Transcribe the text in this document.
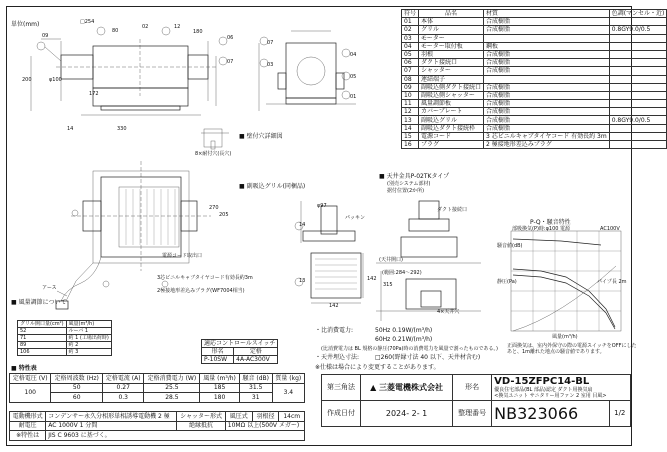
単位(mm)	□254
80
09
02	12
180
06
07
200	φ100
172
330
14
07
03
04
05
01
■ 壁付穴詳細図
8×耐付穴(長穴)
電源コード取出口
3芯ビニルキャブタイヤコード有効長約3m
2極接地形差込みプラグ(WF7004相当)
アース
270
205
■ 副吸込グリル(同梱品)
φ97
パッキン
14
13	142
142
■ 天井金具P-02TKタイプ
(別売システム部材)
据付位置(2か所)
ダクト接続口
(範囲:284～292)
(天井開口)
315
4×天井穴
符号	品名	材質	色調(マンセル・近)
01	本体	合成樹脂	
02	グリル	合成樹脂	0.8GY9.0/0.5
03	モーター		
04	モーター取付板	鋼板	
05	羽根	合成樹脂	
06	ダクト接続口	合成樹脂	
07	シャッター	合成樹脂	
08	連結端子		
09	副吸込側ダクト接続口	合成樹脂	
10	副吸込側シャッター	合成樹脂	
11	風量調節板	合成樹脂	
12	カバープレート	合成樹脂	
13	副吸込グリル	合成樹脂	0.8GY9.0/0.5
14	副吸込ダクト接続枠	合成樹脂	
15	電源コード	3 芯ビニルキャブタイヤコード 有効長約 3m	
16	プラグ	2 極接地形差込みプラグ	
P-Q・騒音特性
部吸換気(P)時:φ100 電源	AC100V
騒音値(dB)
静圧(Pa)	パイプ長 2m
風量(m³/h)
正面換気は、室内外保守の際の電源スイッチをOFFにしたあと、1m離れた地点の騒音値であります。
■ 風量調節について
グリル開口量(cm²)	風量(m³/h)
52	ルーバ 1
71	約 1 (工場出荷時)
89	約 2
106	約 3
適応コントロールスイッチ	
形名	定格
P-10SW	4A-AC300V
・比消費電力:	50Hz 0.19W/(m³/h)
60Hz 0.21W/(m³/h)
(比消費電力は BL 規格の静圧(70Pa)時の消費電力を風量で割ったものである。)
・天井埋込寸法:	□260(野縁寸法 40 以下、天井材含む)
※仕様は場合により変更することがあります。
■ 特性表
定格電圧 (V)	定格周波数 (Hz)	定格電流 (A)	定格消費電力 (W)	風量 (m³/h)	騒音 (dB)	質量 (kg)
100	50	0.27	25.5	185	31.5	3.4
	60	0.3	28.5	180	31	
電動機形式	コンデンサー永久分相形単相誘導電動機 2 極	シャッター形式	風圧式	羽根径	14cm
耐電圧	AC 1000V 1 分間	絶縁抵抗	10MΩ 以上(500V メガー)		
※特性は	JIS C 9603 に基づく。				
第三角法	▲ 三菱電機株式会社	形名	VD-15ZFPC14-BL
優良住宅部品(BL 部品)認定 ダクト用換気扇
<換気ユニット サニタリー用ファン 2 室用 目風>	

作成日付	2024- 2- 1	整理番号	NB323066	1/2
